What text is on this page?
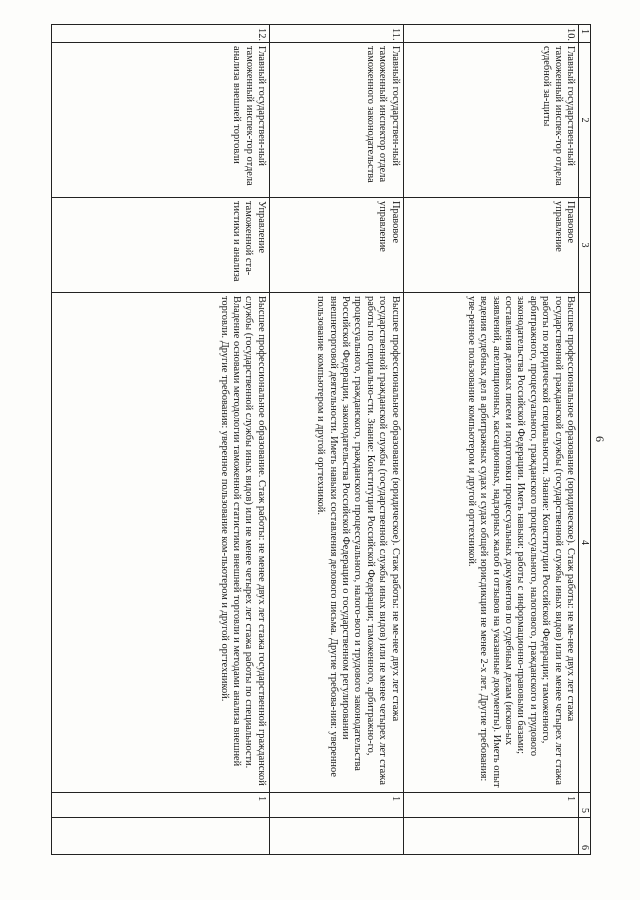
6
1	2	3	4	5	6
10.	Главный государствен-ный таможенный инспек-тор отдела судебной за-щиты	Правовое управление	Высшее профессиональное образование (юридическое). Стаж работы: не ме-нее двух лет стажа государственной гражданской службы (государственной службы иных видов) или не менее четырех лет стажа работы по юридической специальности. Знание: Конституции Российской Федерации; таможенного, арбитражного, процессуального, гражданского процессуального, налогового, гражданского и трудового законодательства Российской Федерации. Иметь навыки: работы с информационно-правовыми базами; составления деловых писем и подготовки процессуальных документов по судебным делам (исков-ых заявлений, апелляционных, кассационных, надзорных жалоб и отзывов на указанные документы). Иметь опыт ведения судебных дел в арбитражных судах и судах общей юрисдикции не менее 2-х лет. Другие требования: уве-ренное пользование компьютером и другой оргтехникой.	1	
11.	Главный государствен-ный таможенный инспектор отдела таможенного законодательства	Правовое управление	Высшее профессиональное образование (юридическое). Стаж работы: не ме-нее двух лет стажа государственной гражданской службы (государственной службы иных видов) или не менее четырех лет стажа работы по специально-сти. Знание: Конституции Российской Федерации; таможенного, арбитражно-го, процессуального, гражданского, гражданского процессуального, налого-вого и трудового законодательства Российской Федерации, законодательства Российской Федерации о государственном регулировании внешнеторговой деятельности. Иметь навыки составления делового письма. Другие требова-ния: уверенное пользование компьютером и другой оргтехникой.	1	
12.	Главный государствен-ный таможенный инспек-тор отдела анализа внешней торговли	Управление таможенной ста-тистики и анализа	Высшее профессиональное образование. Стаж работы: не менее двух лет стажа государственной гражданской службы (государственной службы иных видов) или не менее четырех лет стажа работы по специальности. Владение основами методологии таможенной статистики внешней торговли и методами анализа внешней торговли. Другие требования: уверенное пользование ком-пьютером и другой оргтехникой.	1	
